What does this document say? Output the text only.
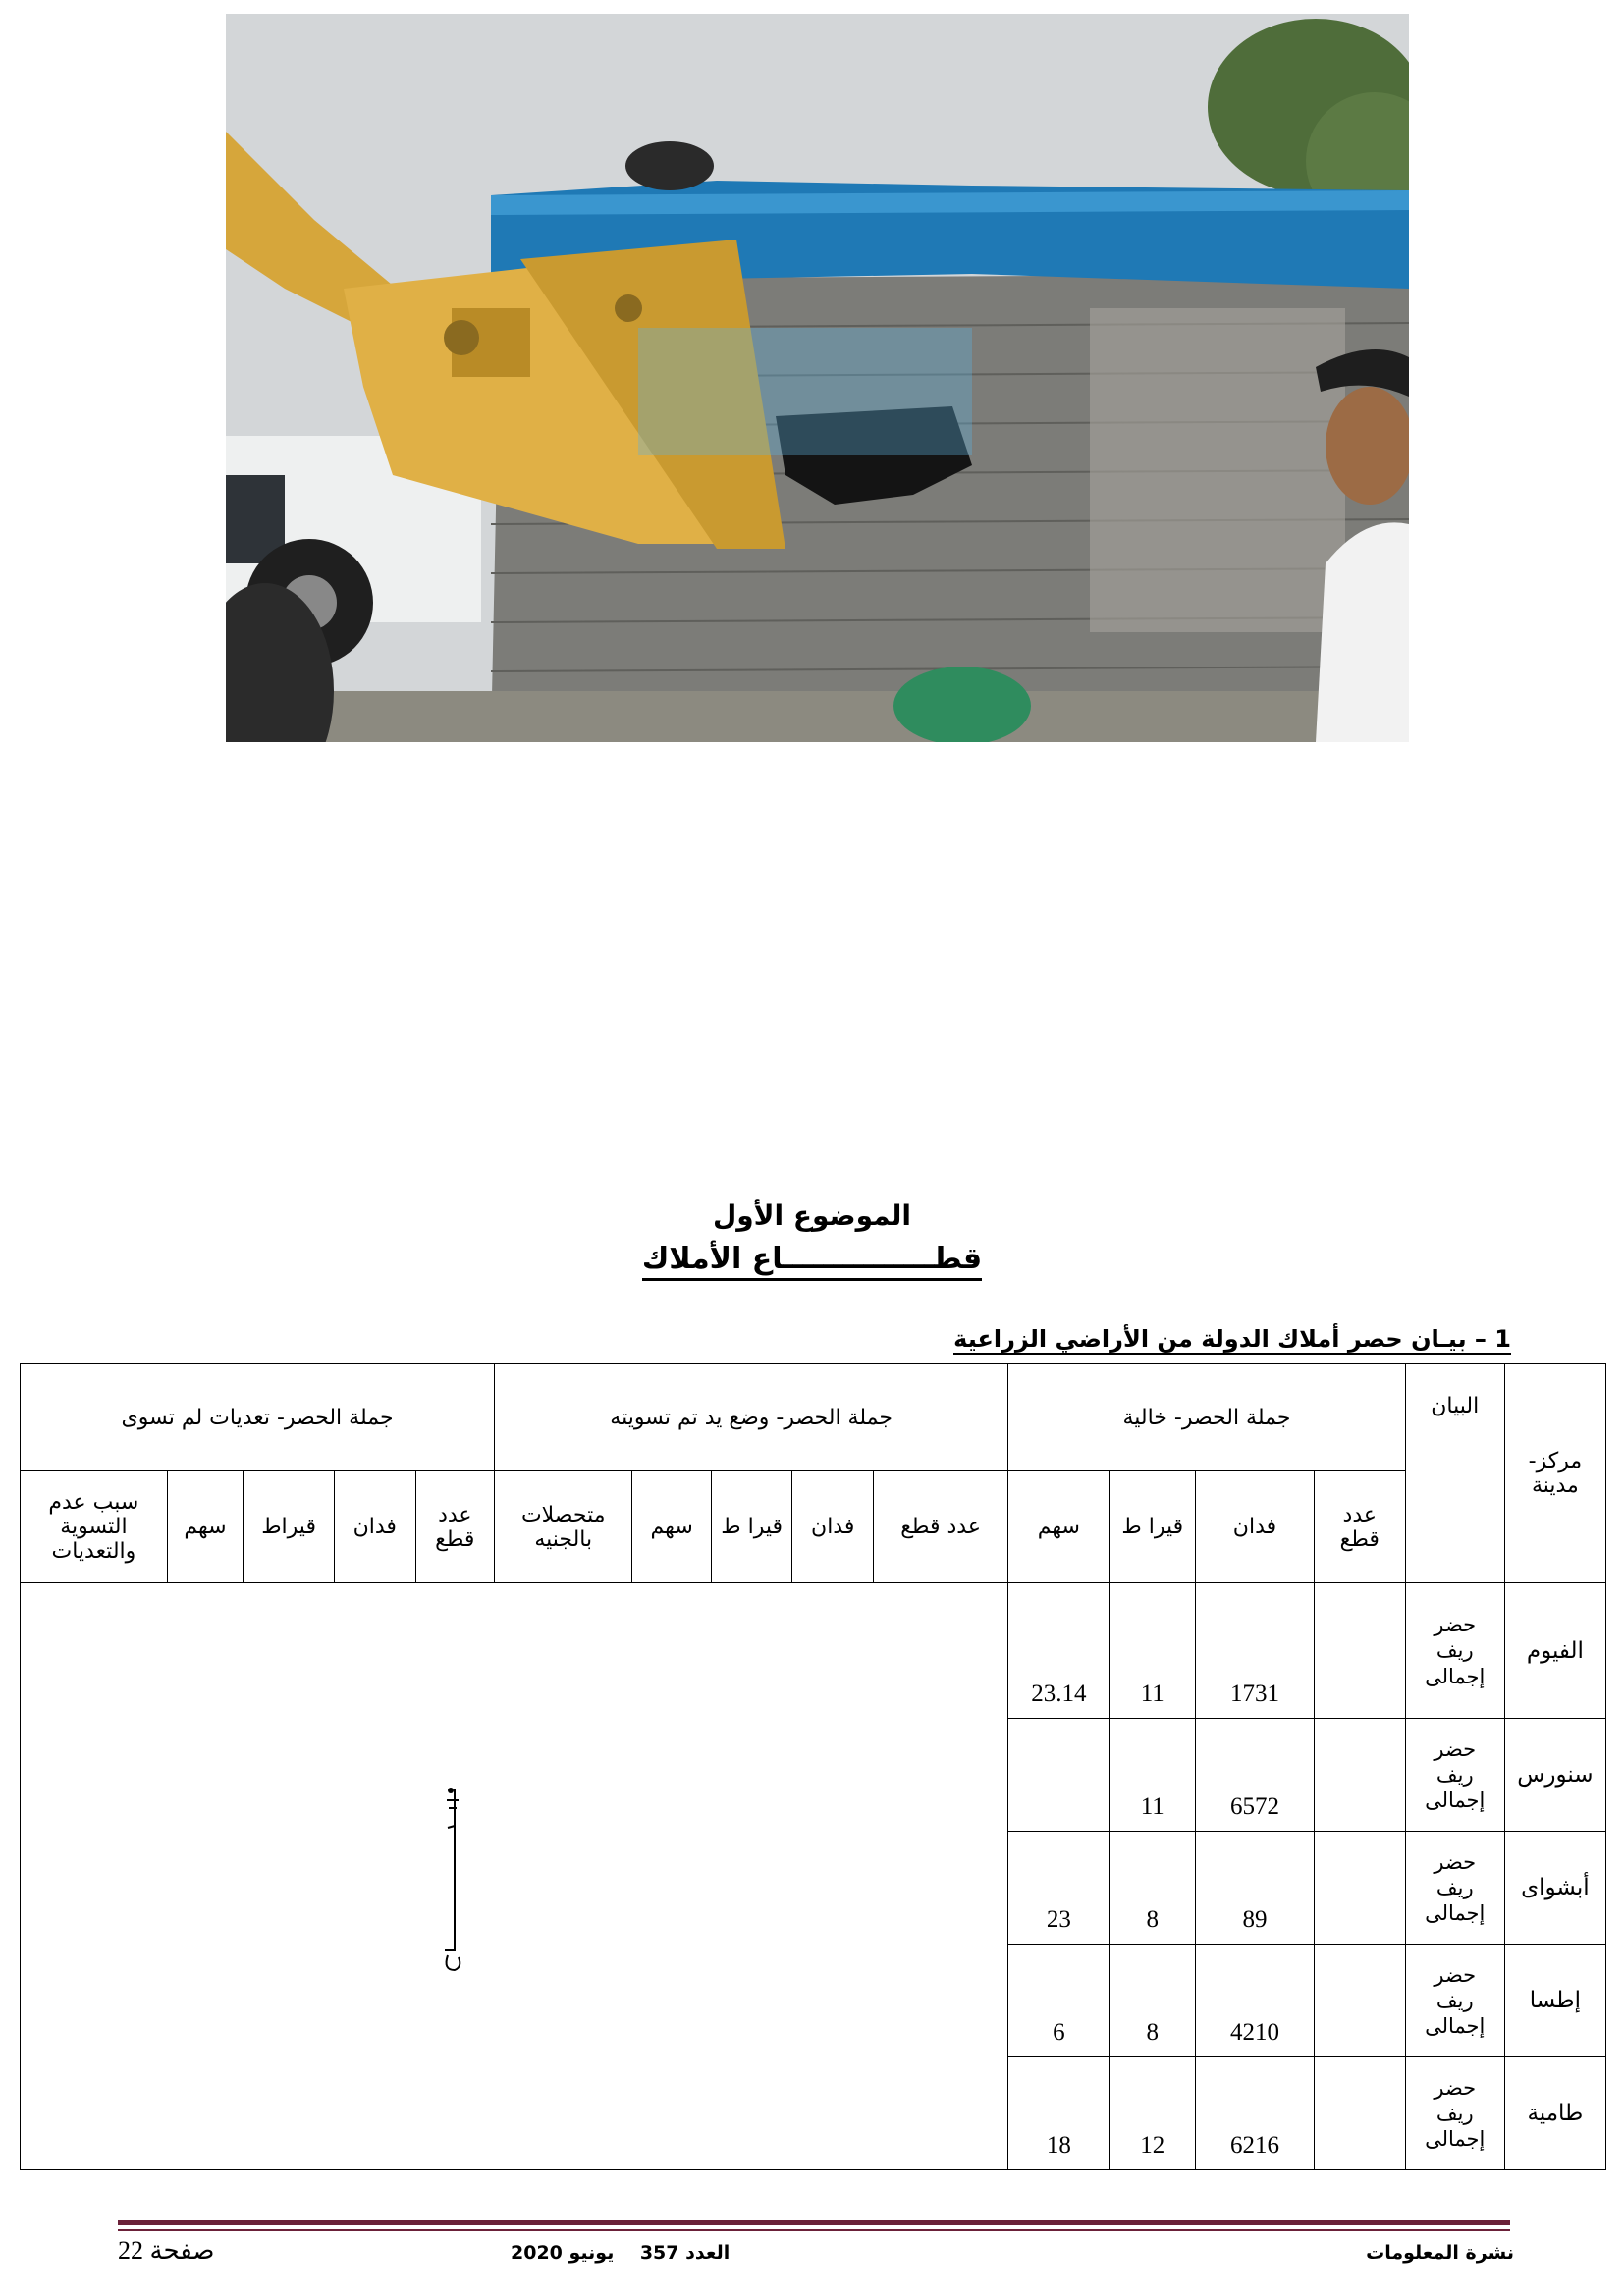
الموضوع الأول
قطـــــــــــــــاع الأملاك
1 – بيـان حصر أملاك الدولة من الأراضي الزراعية
مركز- مدينة	البيان	جملة الحصر- خالية				جملة الحصر- وضع يد تم تسويته					جملة الحصر- تعديات لم تسوى				
		عدد قطع	فدان	قيرا ط	سهم	عدد قطع	فدان	قيرا ط	سهم	متحصلات بالجنيه	عدد قطع	فدان	قيراط	سهم	سبب عدم التسوية والتعديات
الفيوم	حضر
ريف
إجمالى		1731	11	23.14	

سنورس	حضر
ريف
إجمالى		6572	11											
أبشواى	حضر
ريف
إجمالى		89	8	23										
إطسا	حضر
ريف
إجمالى		4210	8	6										
طامية	حضر
ريف
إجمالى		6216	12	18										
نشرة المعلومات
العدد 357    يونيو 2020
صفحة 22
